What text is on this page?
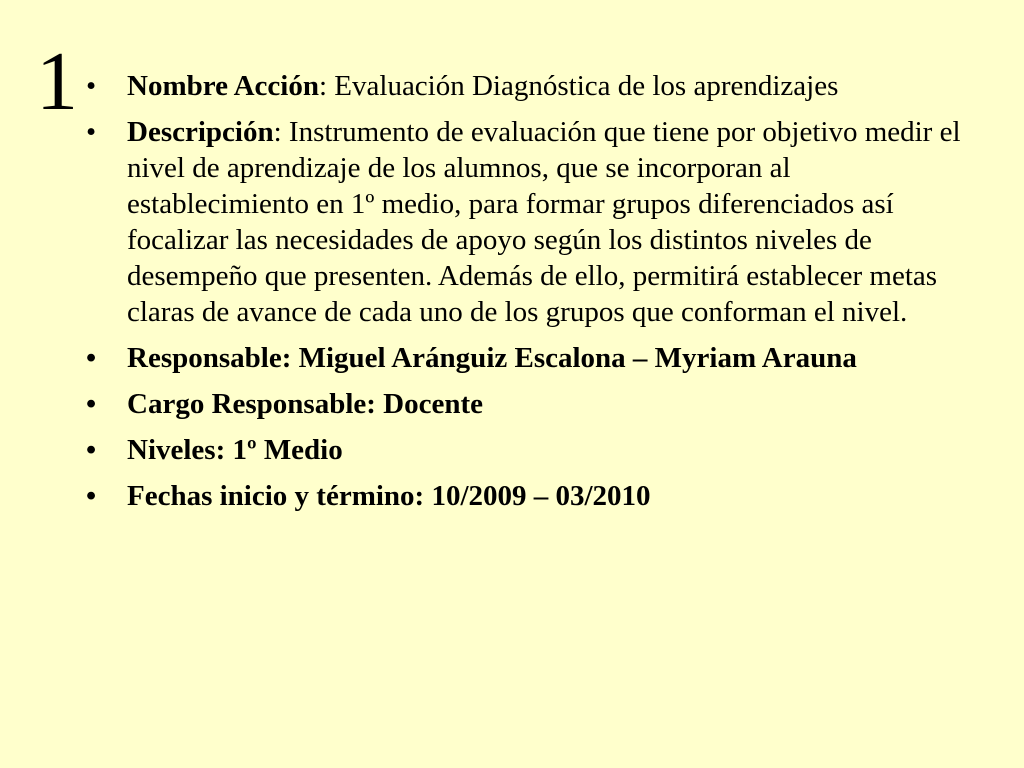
1 •	Nombre Acción: Evaluación Diagnóstica de los aprendizajes
•	Descripción: Instrumento de evaluación que tiene por objetivo medir el nivel de aprendizaje de los alumnos, que se incorporan al establecimiento en 1º medio, para formar grupos diferenciados así focalizar las necesidades de apoyo según los distintos niveles de desempeño que presenten. Además de ello, permitirá establecer metas claras de avance de cada uno de los grupos que conforman el nivel.
•	Responsable: Miguel Aránguiz Escalona – Myriam Arauna
•	Cargo Responsable: Docente
•	Niveles: 1º Medio
•	Fechas inicio y término: 10/2009 – 03/2010
